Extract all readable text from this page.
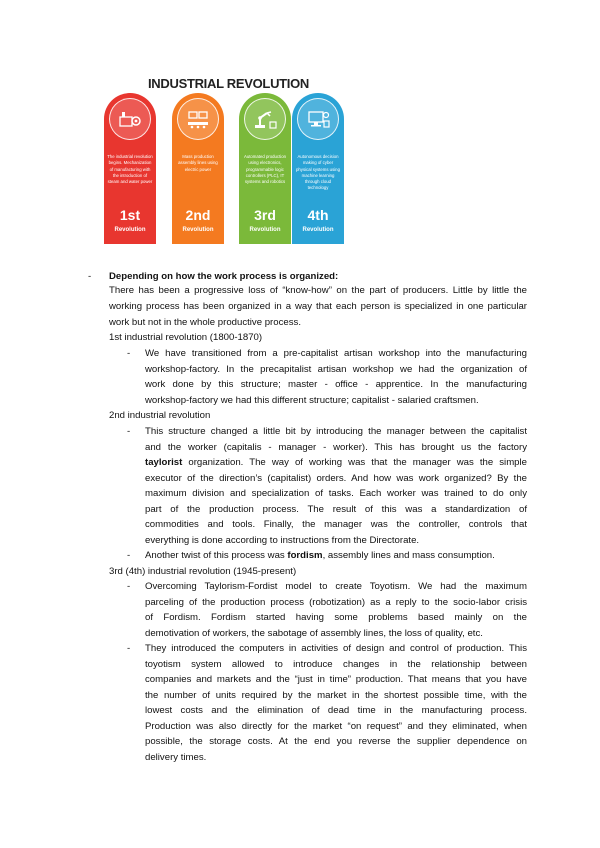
INDUSTRIAL REVOLUTION
The industrial revolution begins. Mechanization of manufacturing with the introduction of steam and water power
1st
Revolution
Mass production assembly lines using electric power
2nd
Revolution
Automated production using electronics, programmable logic controllers (PLC), IT systems and robotics
3rd
Revolution
Autonomous decision making of cyber physical systems using machine learning through cloud technology
4th
Revolution
- Depending on how the work process is organized:
There has been a progressive loss of “know-how” on the part of producers. Little by little the
working process has been organized in a way that each person is specialized in one particular
work but not in the whole productive process.
1st industrial revolution (1800-1870)
- We have transitioned from a pre-capitalist artisan workshop into the manufacturing
workshop-factory. In the precapitalist artisan workshop we had the organization of
work done by this structure; master - office - apprentice. In the manufacturing
workshop-factory we had this different structure; capitalist - salaried craftsmen.
2nd industrial revolution
- This structure changed a little bit by introducing the manager between the capitalist
and the worker (capitalis - manager - worker). This has brought us the factory
taylorist organization. The way of working was that the manager was the simple
executor of the direction’s (capitalist) orders. And how was work organized? By the
maximum division and specialization of tasks. Each worker was trained to do only
part of the production process. The result of this was a standardization of
commodities and tools. Finally, the manager was the controller, controls that
everything is done according to instructions from the Directorate.
- Another twist of this process was fordism, assembly lines and mass consumption.
3rd (4th) industrial revolution (1945-present)
- Overcoming Taylorism-Fordist model to create Toyotism. We had the maximum
parceling of the production process (robotization) as a reply to the socio-labor crisis
of Fordism. Fordism started having some problems based mainly on the
demotivation of workers, the sabotage of assembly lines, the loss of quality, etc.
- They introduced the computers in activities of design and control of production. This
toyotism system allowed to introduce changes in the relationship between
companies and markets and the “just in time” production. That means that you have
the number of units required by the market in the shortest possible time, with the
lowest costs and the elimination of dead time in the manufacturing process.
Production was also directly for the market “on request” and they eliminated, when
possible, the storage costs. At the end you reverse the supplier dependence on
delivery times.
